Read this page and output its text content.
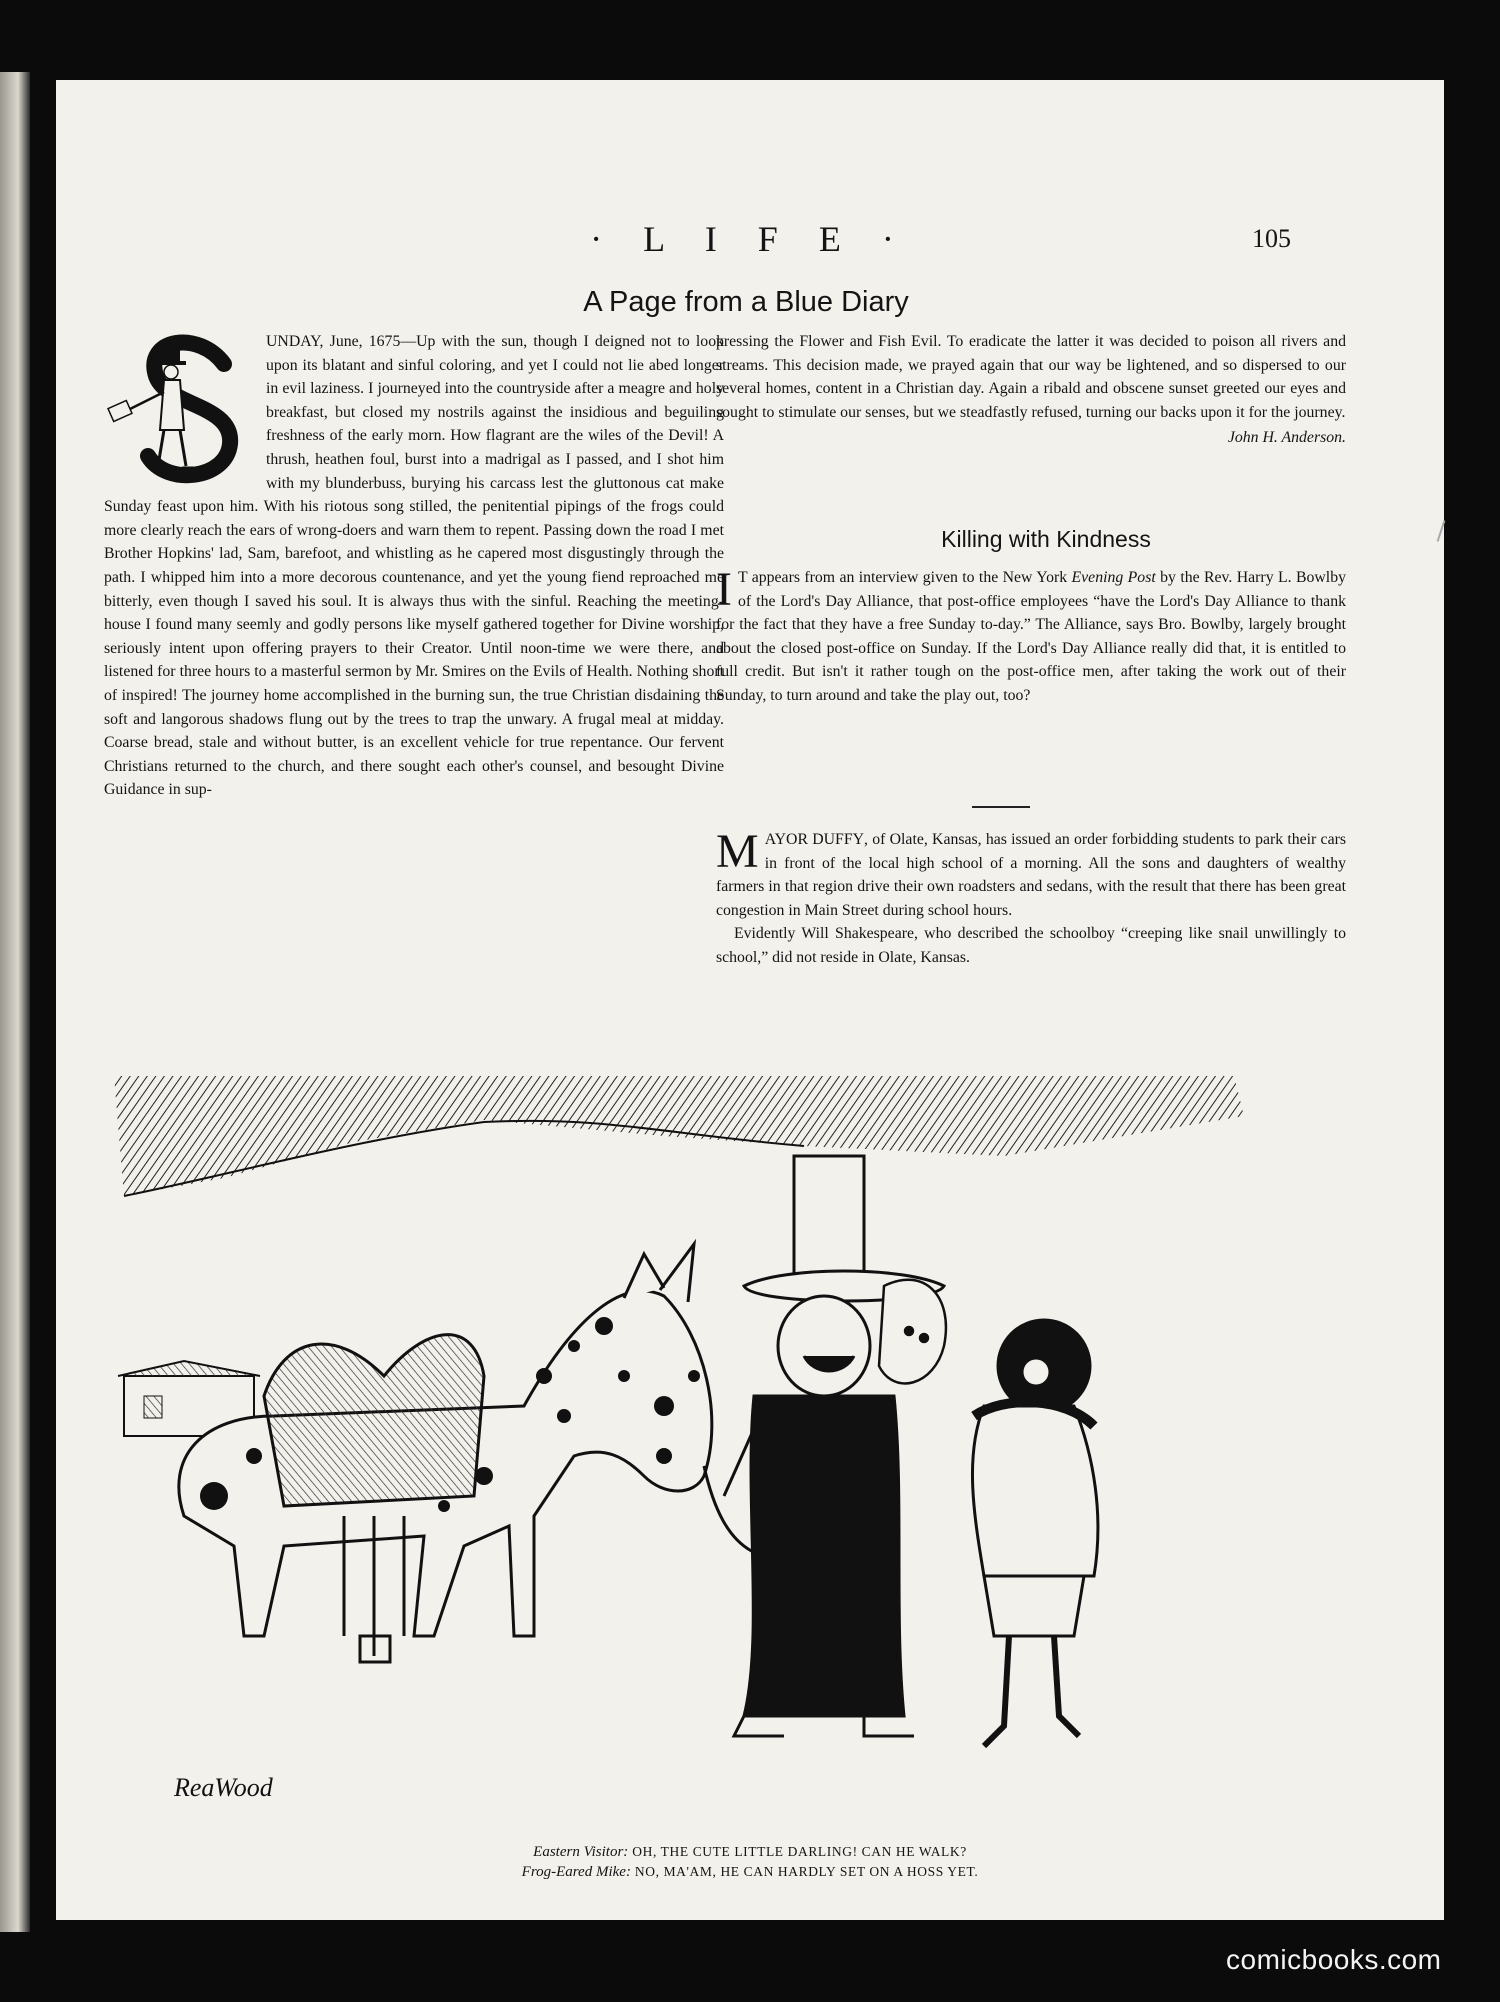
· L I F E ·	105
A Page from a Blue Diary

UNDAY, June, 1675—Up with the sun, though I deigned not to look upon its blatant and sinful coloring, and yet I could not lie abed longer in evil laziness. I journeyed into the countryside after a meagre and holy breakfast, but closed my nostrils against the insidious and beguiling freshness of the early morn. How flagrant are the wiles of the Devil! A thrush, heathen foul, burst into a madrigal as I passed, and I shot him with my blunderbuss, burying his carcass lest the gluttonous cat make Sunday feast upon him. With his riotous song stilled, the penitential pipings of the frogs could more clearly reach the ears of wrong-doers and warn them to repent. Passing down the road I met Brother Hopkins' lad, Sam, barefoot, and whistling as he capered most disgustingly through the path. I whipped him into a more decorous countenance, and yet the young fiend reproached me bitterly, even though I saved his soul. It is always thus with the sinful. Reaching the meeting-house I found many seemly and godly persons like myself gathered together for Divine worship, seriously intent upon offering prayers to their Creator. Until noon-time we were there, and listened for three hours to a masterful sermon by Mr. Smires on the Evils of Health. Nothing short of inspired! The journey home accomplished in the burning sun, the true Christian disdaining the soft and langorous shadows flung out by the trees to trap the unwary. A frugal meal at midday. Coarse bread, stale and without butter, is an excellent vehicle for true repentance. Our fervent Christians returned to the church, and there sought each other's counsel, and besought Divine Guidance in sup-

pressing the Flower and Fish Evil. To eradicate the latter it was decided to poison all rivers and streams. This decision made, we prayed again that our way be lightened, and so dispersed to our several homes, content in a Christian day. Again a ribald and obscene sunset greeted our eyes and sought to stimulate our senses, but we steadfastly refused, turning our backs upon it for the journey.

John H. Anderson.

Killing with Kindness

I T appears from an interview given to the New York Evening Post by the Rev. Harry L. Bowlby of the Lord's Day Alliance, that post-office employees “have the Lord's Day Alliance to thank for the fact that they have a free Sunday to-day.” The Alliance, says Bro. Bowlby, largely brought about the closed post-office on Sunday. If the Lord's Day Alliance really did that, it is entitled to full credit. But isn't it rather tough on the post-office men, after taking the work out of their Sunday, to turn around and take the play out, too?

MAYOR DUFFY, of Olate, Kansas, has issued an order forbidding students to park their cars in front of the local high school of a morning. All the sons and daughters of wealthy farmers in that region drive their own roadsters and sedans, with the result that there has been great congestion in Main Street during school hours.

Evidently Will Shakespeare, who described the schoolboy “creeping like snail unwillingly to school,” did not reside in Olate, Kansas.

ReaWood
Eastern Visitor: OH, THE CUTE LITTLE DARLING! CAN HE WALK?
Frog-Eared Mike: NO, MA'AM, HE CAN HARDLY SET ON A HOSS YET.
comicbooks.com
